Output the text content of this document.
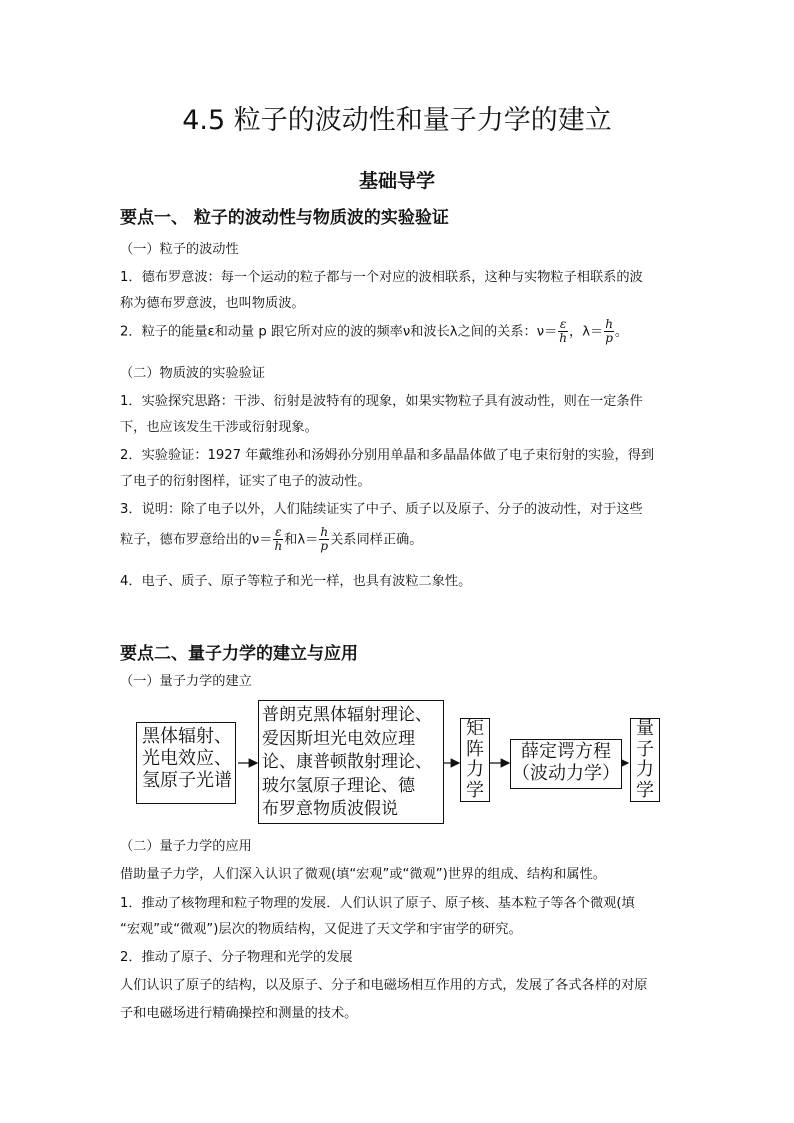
4.5 粒子的波动性和量子力学的建立
基础导学
要点一、 粒子的波动性与物质波的实验验证
（一）粒子的波动性
1．德布罗意波：每一个运动的粒子都与一个对应的波相联系，这种与实物粒子相联系的波
称为德布罗意波，也叫物质波。
2．粒子的能量ε和动量 p 跟它所对应的波的频率ν和波长λ之间的关系：$\nu= \frac{\varepsilon}{h}$ ，$\lambda= \frac{h}{p}$ 。
（二）物质波的实验验证
1．实验探究思路：干涉、衍射是波特有的现象，如果实物粒子具有波动性，则在一定条件
下，也应该发生干涉或衍射现象。
2．实验验证：1927 年戴维孙和汤姆孙分别用单晶和多晶晶体做了电子束衍射的实验，得到
了电子的衍射图样，证实了电子的波动性。
3．说明：除了电子以外，人们陆续证实了中子、质子以及原子、分子的波动性，对于这些
粒子，德布罗意给出的$\nu= \frac{\varepsilon}{h}$ 和$\lambda= \frac{h}{p}$ 关系同样正确。
4．电子、质子、原子等粒子和光一样，也具有波粒二象性。
要点二、量子力学的建立与应用
（一）量子力学的建立
黑体辐射、
光电效应、
氢原子光谱
普朗克黑体辐射理论、
爱因斯坦光电效应理
论、康普顿散射理论、
玻尔氢原子理论、德
布罗意物质波假说
矩
阵
力
学
薛定谔方程
（波动力学）
量
子
力
学
（二）量子力学的应用
借助量子力学，人们深入认识了微观(填“宏观”或“微观”)世界的组成、结构和属性。
1．推动了核物理和粒子物理的发展．人们认识了原子、原子核、基本粒子等各个微观(填
“宏观”或“微观”)层次的物质结构，又促进了天文学和宇宙学的研究。
2．推动了原子、分子物理和光学的发展
人们认识了原子的结构，以及原子、分子和电磁场相互作用的方式，发展了各式各样的对原
子和电磁场进行精确操控和测量的技术。
